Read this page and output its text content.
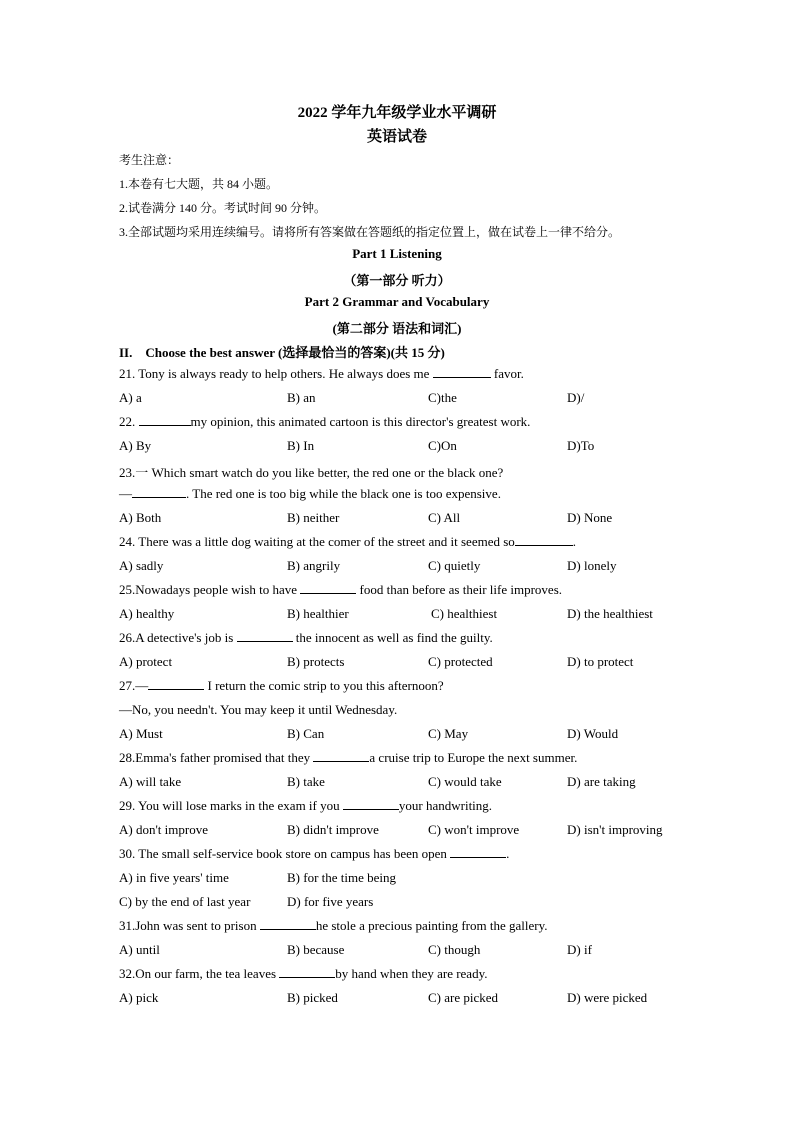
2022 学年九年级学业水平调研
英语试卷
考生注意：
1.本卷有七大题，共 84 小题。
2.试卷满分 140 分。考试时间 90 分钟。
3.全部试题均采用连续编号。请将所有答案做在答题纸的指定位置上，做在试卷上一律不给分。
Part 1 Listening
（第一部分 听力）
Part 2 Grammar and Vocabulary
(第二部分 语法和词汇)
II. Choose the best answer (选择最恰当的答案)(共 15 分)
21. Tony is always ready to help others. He always does me	favor.
A) a	B) an	C)the	D)/
22.	my opinion, this animated cartoon is this director's greatest work.
A) By	B) In	C)On	D)To
23.一 Which smart watch do you like better, the red one or the black one?
—	. The red one is too big while the black one is too expensive.
A) Both	B) neither	C) All	D) None
24. There was a little dog waiting at the comer of the street and it seemed so	.
A) sadly	B) angrily	C) quietly	D) lonely
25.Nowadays people wish to have	food than before as their life improves.
A) healthy	B) healthier	C) healthiest	D) the healthiest
26.A detective's job is	the innocent as well as find the guilty.
A) protect	B) protects	C) protected	D) to protect
27.—	I return the comic strip to you this afternoon?
—No, you needn't. You may keep it until Wednesday.
A) Must	B) Can	C) May	D) Would
28.Emma's father promised that they	a cruise trip to Europe the next summer.
A) will take	B) take	C) would take	D) are taking
29. You will lose marks in the exam if you	your handwriting.
A) don't improve	B) didn't improve	C) won't improve	D) isn't improving
30. The small self-service book store on campus has been open	.
A) in five years' time	B) for the time being
C) by the end of last year	D) for five years
31.John was sent to prison	he stole a precious painting from the gallery.
A) until	B) because	C) though	D) if
32.On our farm, the tea leaves	by hand when they are ready.
A) pick	B) picked	C) are picked	D) were picked
